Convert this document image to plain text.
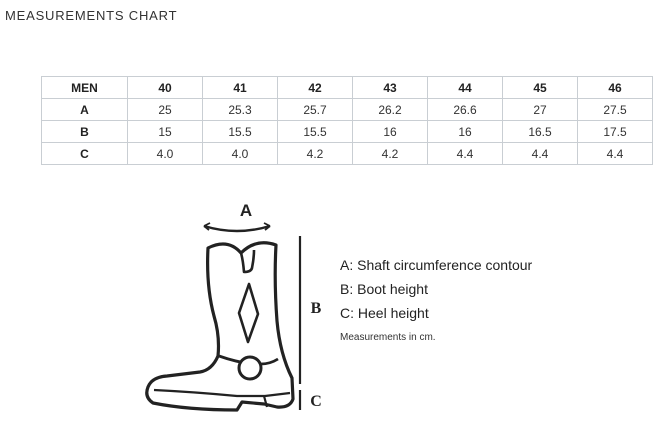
MEASUREMENTS CHART
MEN	40	41	42	43	44	45	46
A	25	25.3	25.7	26.2	26.6	27	27.5
B	15	15.5	15.5	16	16	16.5	17.5
C	4.0	4.0	4.2	4.2	4.4	4.4	4.4
A
B
C
A: Shaft circumference contour
B: Boot height
C: Heel height
Measurements in cm.
